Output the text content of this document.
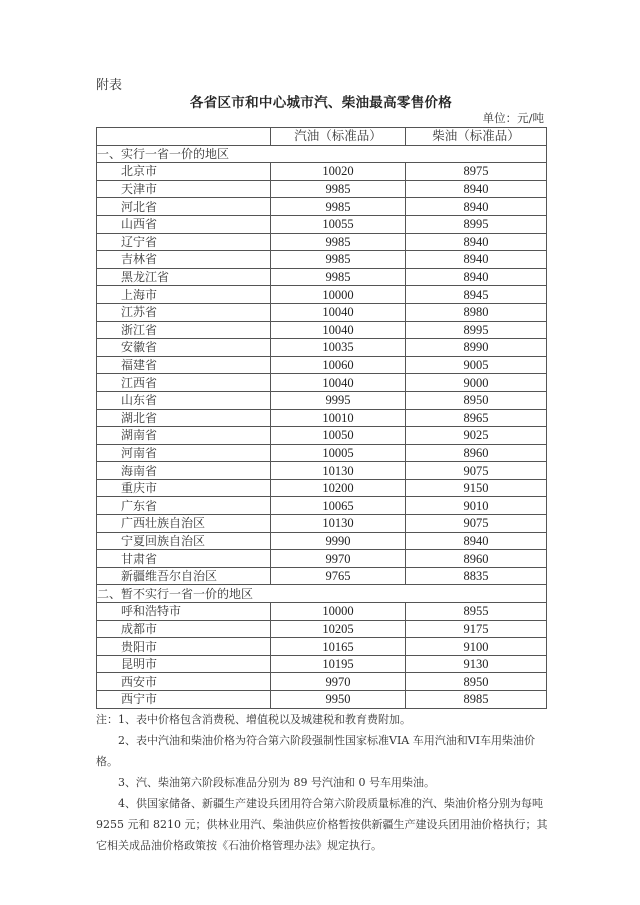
附表
各省区市和中心城市汽、柴油最高零售价格
单位：元/吨
	汽油（标准品）	柴油（标准品）
一、实行一省一价的地区		
北京市	10020	8975
天津市	9985	8940
河北省	9985	8940
山西省	10055	8995
辽宁省	9985	8940
吉林省	9985	8940
黑龙江省	9985	8940
上海市	10000	8945
江苏省	10040	8980
浙江省	10040	8995
安徽省	10035	8990
福建省	10060	9005
江西省	10040	9000
山东省	9995	8950
湖北省	10010	8965
湖南省	10050	9025
河南省	10005	8960
海南省	10130	9075
重庆市	10200	9150
广东省	10065	9010
广西壮族自治区	10130	9075
宁夏回族自治区	9990	8940
甘肃省	9970	8960
新疆维吾尔自治区	9765	8835
二、暂不实行一省一价的地区		
呼和浩特市	10000	8955
成都市	10205	9175
贵阳市	10165	9100
昆明市	10195	9130
西安市	9970	8950
西宁市	9950	8985

注： 1、表中价格包含消费税、增值税以及城建税和教育费附加。

2、表中汽油和柴油价格为符合第六阶段强制性国家标准VIA 车用汽油和VI车用柴油价格。

3、汽、柴油第六阶段标准品分别为 89 号汽油和 0 号车用柴油。

4、供国家储备、新疆生产建设兵团用符合第六阶段质量标准的汽、柴油价格分别为每吨 9255 元和 8210 元；供林业用汽、柴油供应价格暂按供新疆生产建设兵团用油价格执行；其它相关成品油价格政策按《石油价格管理办法》规定执行。
